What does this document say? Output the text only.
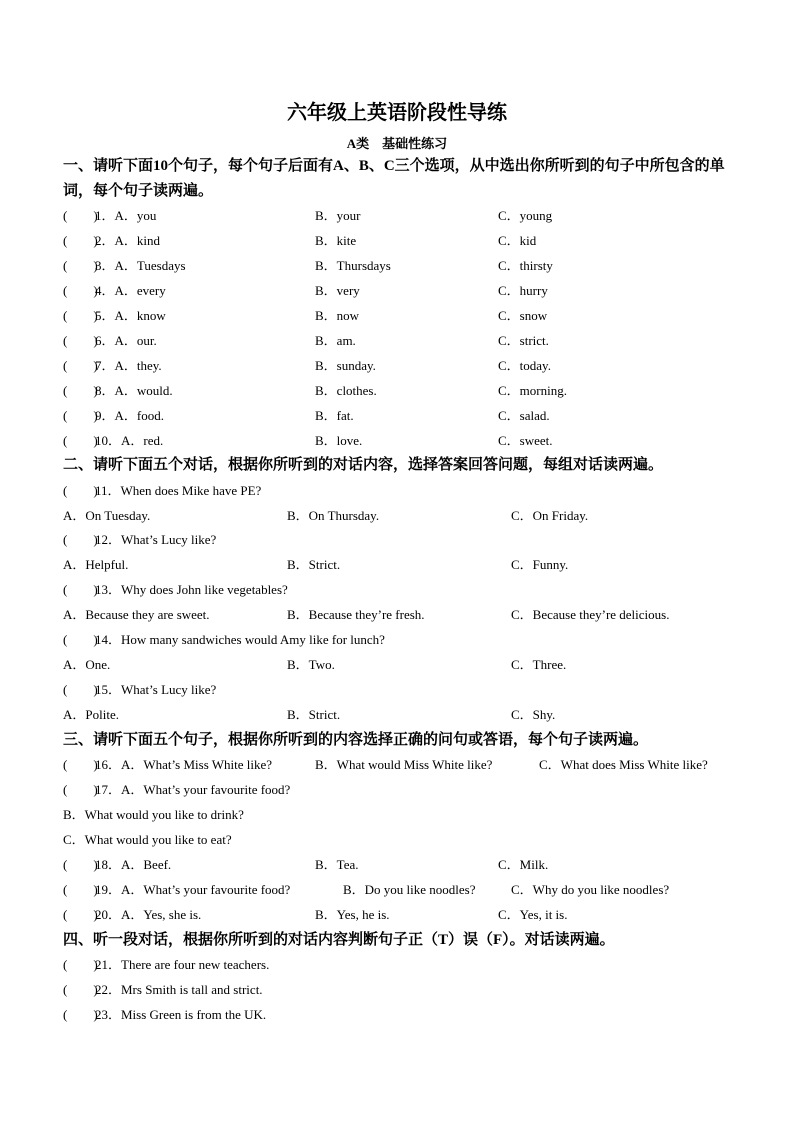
六年级上英语阶段性导练
A类　基础性练习
一、请听下面10个句子，每个句子后面有A、B、C三个选项，从中选出你所听到的句子中所包含的单词，每个句子读两遍。
(　　)
1．A．you	B．your	C．young
(　　)
2．A．kind	B．kite	C．kid
(　　)
3．A．Tuesdays	B．Thursdays	C．thirsty
(　　)
4．A．every	B．very	C．hurry
(　　)
5．A．know	B．now	C．snow
(　　)
6．A．our.	B．am.	C．strict.
(　　)
7．A．they.	B．sunday.	C．today.
(　　)
8．A．would.	B．clothes.	C．morning.
(　　)
9．A．food.	B．fat.	C．salad.
(　　)
10．A．red.	B．love.	C．sweet.
二、请听下面五个对话，根据你所听到的对话内容，选择答案回答问题，每组对话读两遍。
(　　)
11．When does Mike have PE?
A．On Tuesday.	B．On Thursday.	C．On Friday.
(　　)
12．What’s Lucy like?
A．Helpful.	B．Strict.	C．Funny.
(　　)
13．Why does John like vegetables?
A．Because they are sweet.	B．Because they’re fresh.	C．Because they’re delicious.
(　　)
14．How many sandwiches would Amy like for lunch?
A．One.	B．Two.	C．Three.
(　　)
15．What’s Lucy like?
A．Polite.	B．Strict.	C．Shy.
三、请听下面五个句子，根据你所听到的内容选择正确的问句或答语，每个句子读两遍。
(　　)
16．A．What’s Miss White like?	B．What would Miss White like?	C．What does Miss White like?
(　　)
17．A．What’s your favourite food?
B．What would you like to drink?
C．What would you like to eat?
(　　)
18．A．Beef.	B．Tea.	C．Milk.
(　　)
19．A．What’s your favourite food?	B．Do you like noodles?	C．Why do you like noodles?
(　　)
20．A．Yes, she is.	B．Yes, he is.	C．Yes, it is.
四、听一段对话，根据你所听到的对话内容判断句子正（T）误（F）。对话读两遍。
(　　)
21．There are four new teachers.
(　　)
22．Mrs Smith is tall and strict.
(　　)
23．Miss Green is from the UK.
